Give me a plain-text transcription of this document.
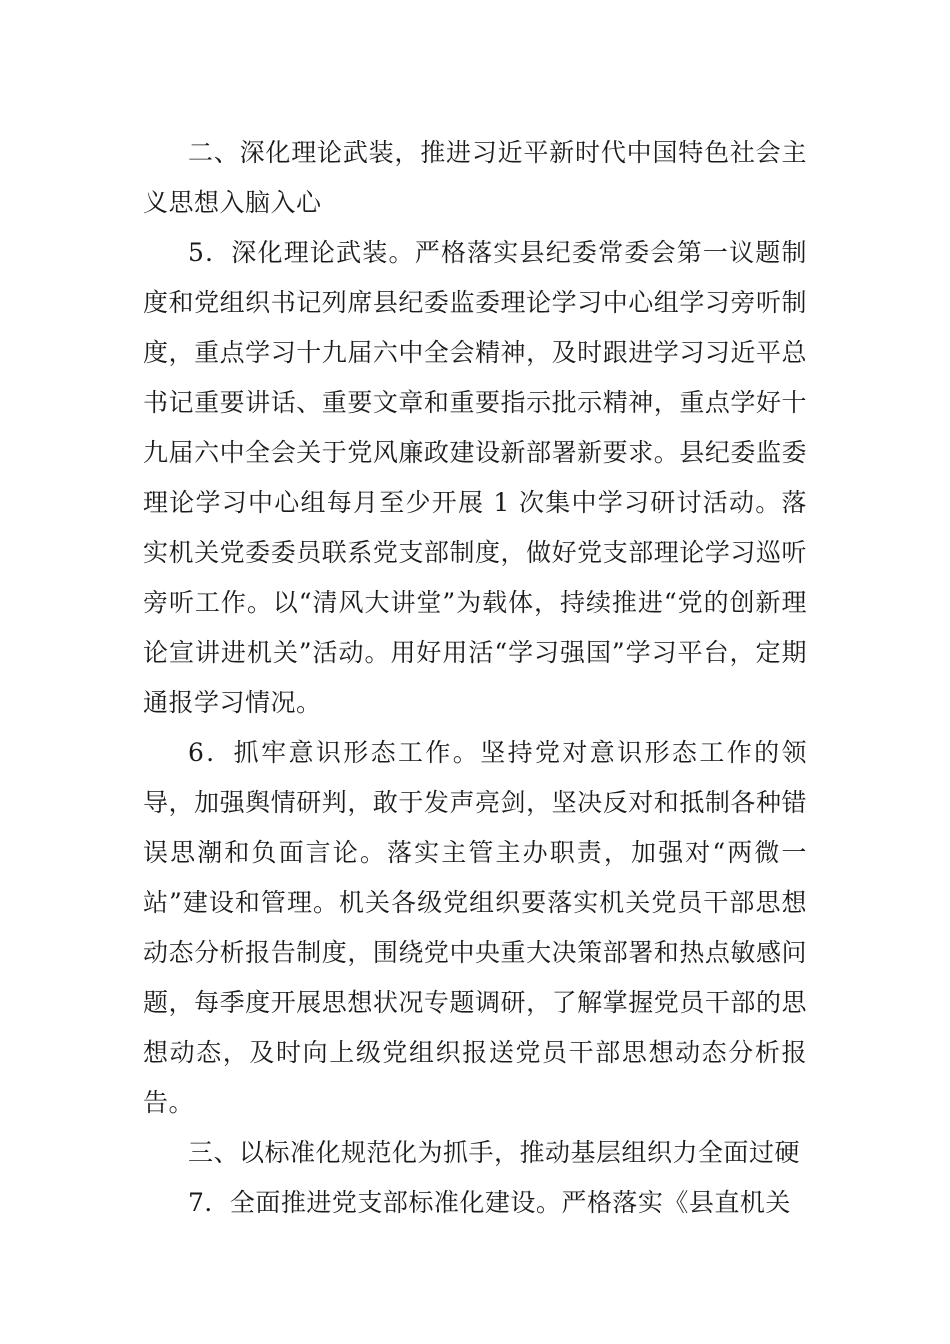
二、深化理论武装，推进习近平新时代中国特色社会主义思想入脑入心

5．深化理论武装。严格落实县纪委常委会第一议题制度和党组织书记列席县纪委监委理论学习中心组学习旁听制度，重点学习十九届六中全会精神，及时跟进学习习近平总书记重要讲话、重要文章和重要指示批示精神，重点学好十九届六中全会关于党风廉政建设新部署新要求。县纪委监委理论学习中心组每月至少开展 1 次集中学习研讨活动。落实机关党委委员联系党支部制度，做好党支部理论学习巡听旁听工作。以“清风大讲堂”为载体，持续推进“党的创新理论宣讲进机关”活动。用好用活“学习强国”学习平台，定期通报学习情况。

6．抓牢意识形态工作。坚持党对意识形态工作的领导，加强舆情研判，敢于发声亮剑，坚决反对和抵制各种错误思潮和负面言论。落实主管主办职责，加强对“两微一站”建设和管理。机关各级党组织要落实机关党员干部思想动态分析报告制度，围绕党中央重大决策部署和热点敏感问题，每季度开展思想状况专题调研，了解掌握党员干部的思想动态，及时向上级党组织报送党员干部思想动态分析报告。

三、以标准化规范化为抓手，推动基层组织力全面过硬

7．全面推进党支部标准化建设。严格落实《县直机关
